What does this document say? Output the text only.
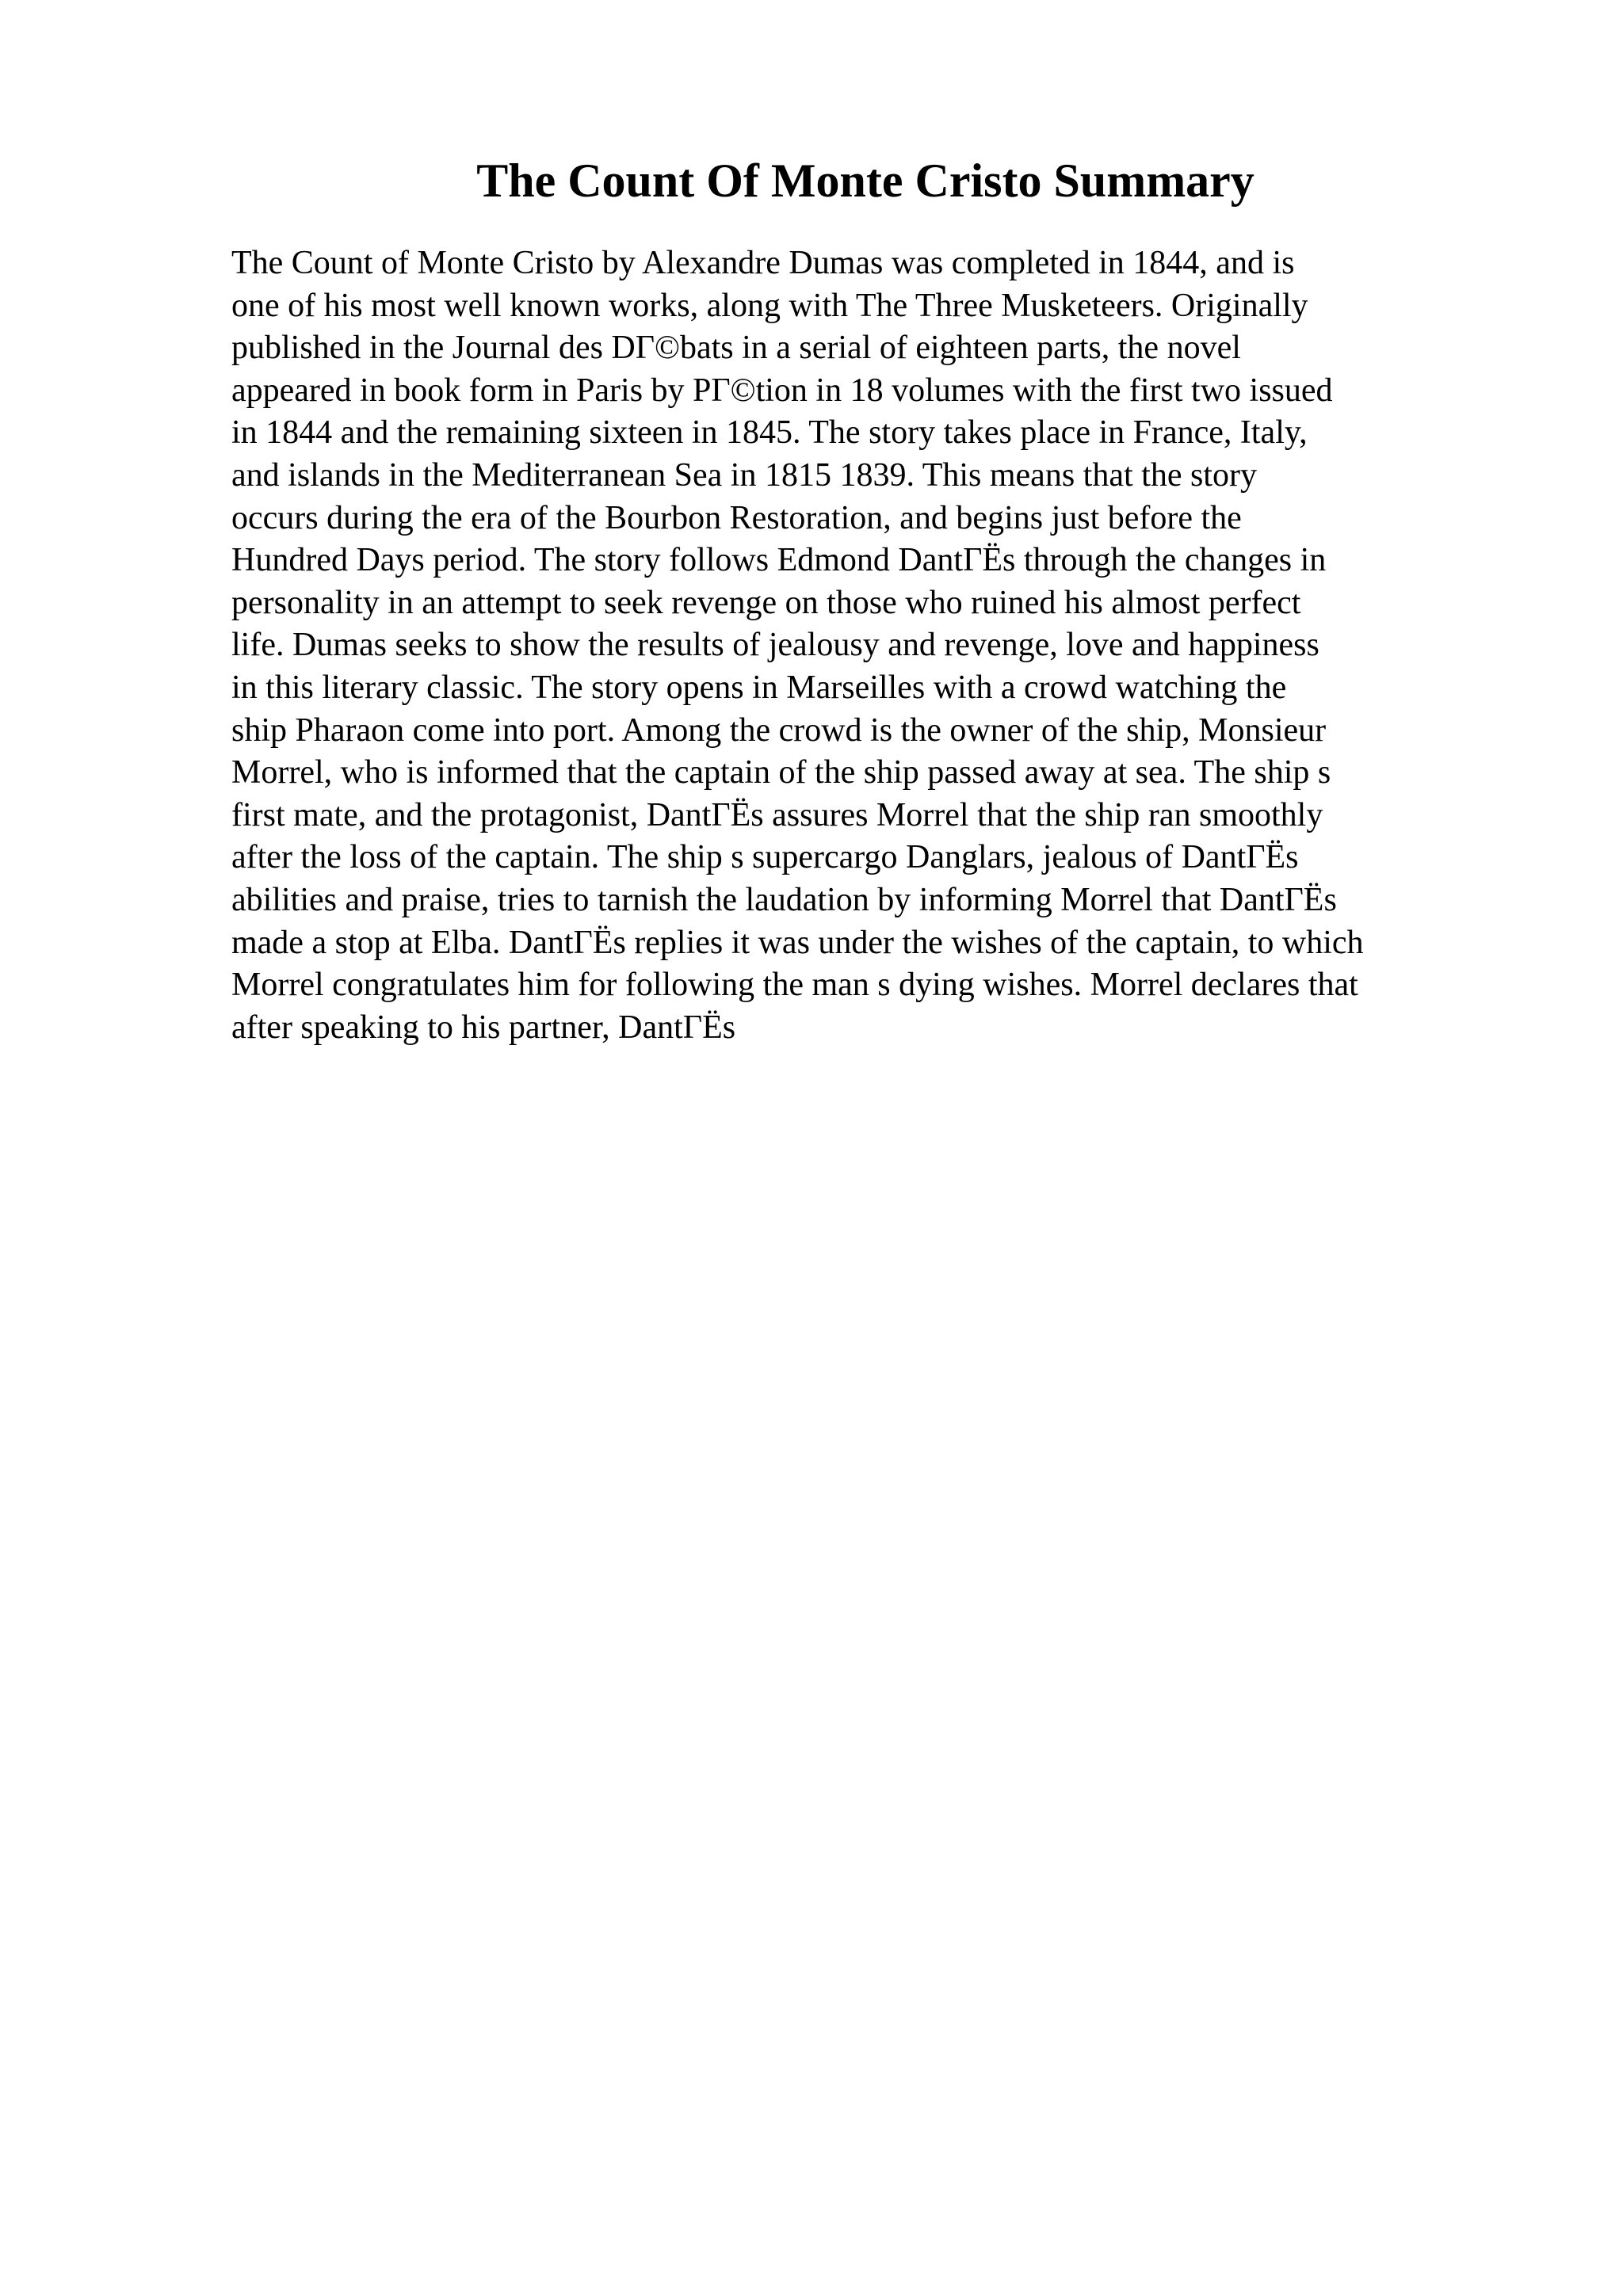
The Count Of Monte Cristo Summary
The Count of Monte Cristo by Alexandre Dumas was completed in 1844, and is
one of his most well known works, along with The Three Musketeers. Originally
published in the Journal des DГ©bats in a serial of eighteen parts, the novel
appeared in book form in Paris by PГ©tion in 18 volumes with the first two issued
in 1844 and the remaining sixteen in 1845. The story takes place in France, Italy,
and islands in the Mediterranean Sea in 1815 1839. This means that the story
occurs during the era of the Bourbon Restoration, and begins just before the
Hundred Days period. The story follows Edmond DantГЁs through the changes in
personality in an attempt to seek revenge on those who ruined his almost perfect
life. Dumas seeks to show the results of jealousy and revenge, love and happiness
in this literary classic. The story opens in Marseilles with a crowd watching the
ship Pharaon come into port. Among the crowd is the owner of the ship, Monsieur
Morrel, who is informed that the captain of the ship passed away at sea. The ship s
first mate, and the protagonist, DantГЁs assures Morrel that the ship ran smoothly
after the loss of the captain. The ship s supercargo Danglars, jealous of DantГЁs
abilities and praise, tries to tarnish the laudation by informing Morrel that DantГЁs
made a stop at Elba. DantГЁs replies it was under the wishes of the captain, to which
Morrel congratulates him for following the man s dying wishes. Morrel declares that
after speaking to his partner, DantГЁs
